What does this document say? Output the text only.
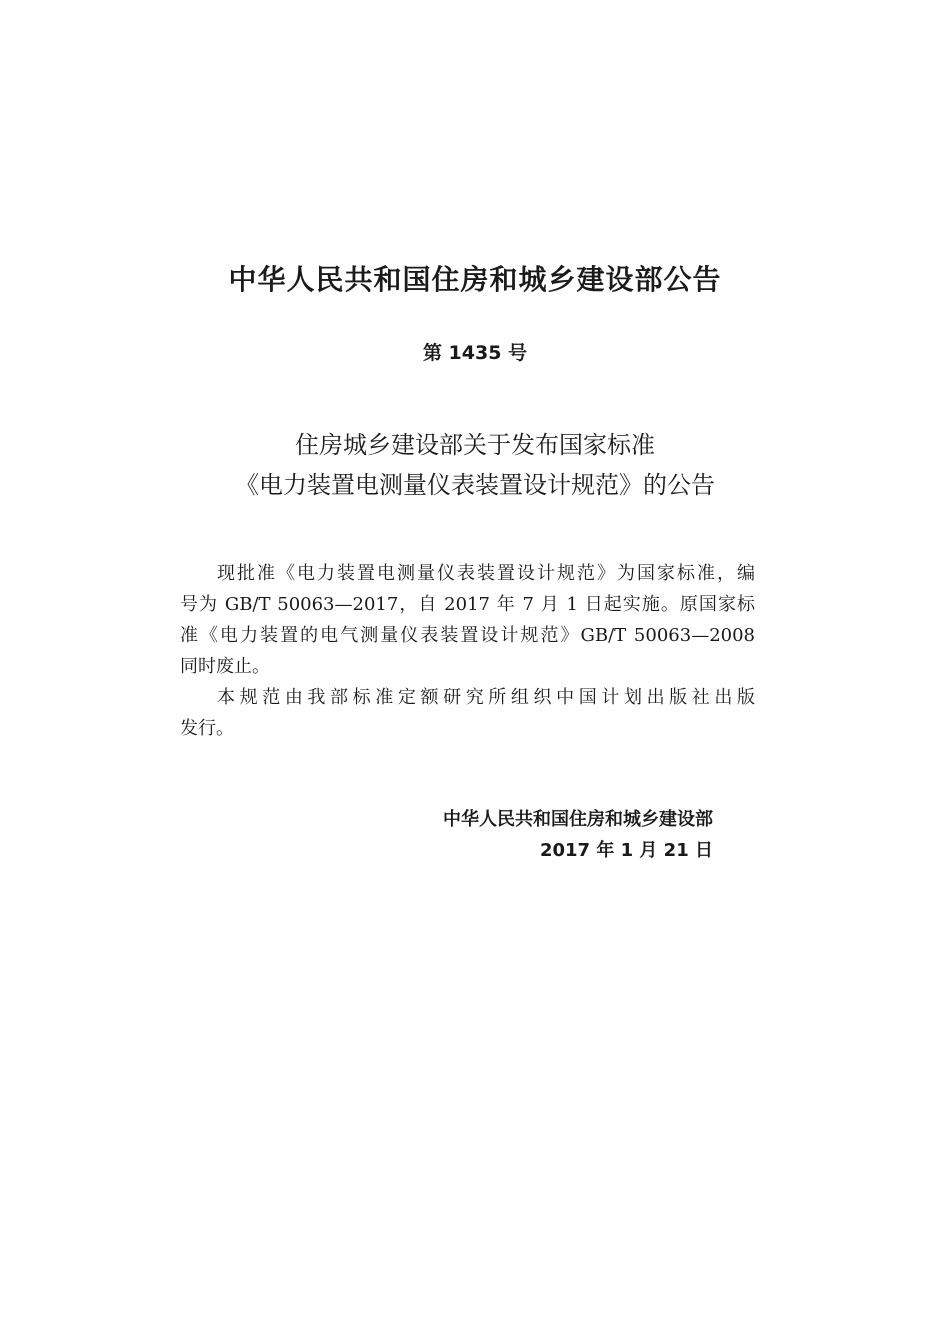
中华人民共和国住房和城乡建设部公告
第 1435 号
住房城乡建设部关于发布国家标准
《电力装置电测量仪表装置设计规范》的公告
现批准《电力装置电测量仪表装置设计规范》为国家标准，编
号为 GB/T 50063—2017，自 2017 年 7 月 1 日起实施。原国家标
准《电力装置的电气测量仪表装置设计规范》GB/T 50063—2008
同时废止。
本规范由我部标准定额研究所组织中国计划出版社出版
发行。
中华人民共和国住房和城乡建设部
2017 年 1 月 21 日
